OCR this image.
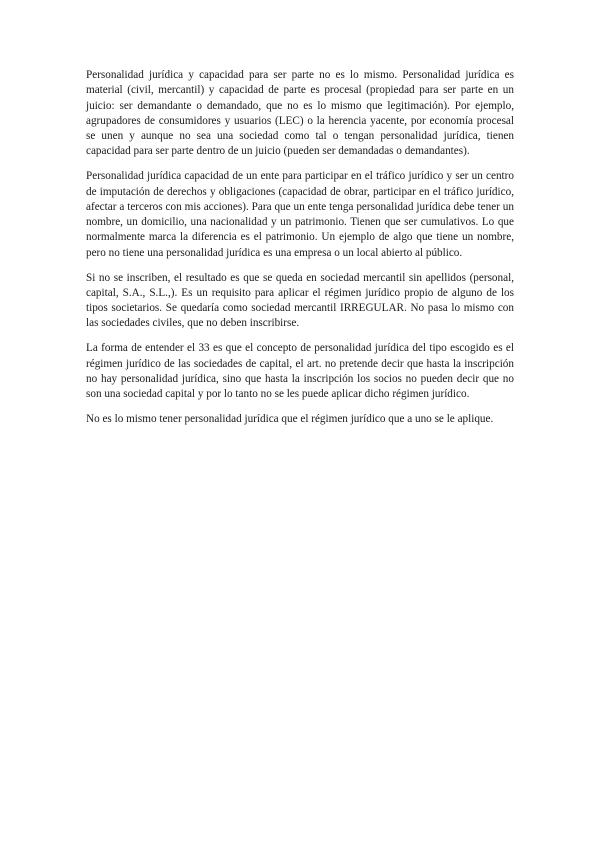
Personalidad jurídica y capacidad para ser parte no es lo mismo. Personalidad jurídica es material (civil, mercantil) y capacidad de parte es procesal (propiedad para ser parte en un juicio: ser demandante o demandado, que no es lo mismo que legitimación). Por ejemplo, agrupadores de consumidores y usuarios (LEC) o la herencia yacente, por economía procesal se unen y aunque no sea una sociedad como tal o tengan personalidad jurídica, tienen capacidad para ser parte dentro de un juicio (pueden ser demandadas o demandantes).

Personalidad jurídica capacidad de un ente para participar en el tráfico jurídico y ser un centro de imputación de derechos y obligaciones (capacidad de obrar, participar en el tráfico jurídico, afectar a terceros con mis acciones). Para que un ente tenga personalidad jurídica debe tener un nombre, un domicilio, una nacionalidad y un patrimonio. Tienen que ser cumulativos. Lo que normalmente marca la diferencia es el patrimonio. Un ejemplo de algo que tiene un nombre, pero no tiene una personalidad jurídica es una empresa o un local abierto al público.

Si no se inscriben, el resultado es que se queda en sociedad mercantil sin apellidos (personal, capital, S.A., S.L.,). Es un requisito para aplicar el régimen jurídico propio de alguno de los tipos societarios. Se quedaría como sociedad mercantil IRREGULAR. No pasa lo mismo con las sociedades civiles, que no deben inscribirse.

La forma de entender el 33 es que el concepto de personalidad jurídica del tipo escogido es el régimen jurídico de las sociedades de capital, el art. no pretende decir que hasta la inscripción no hay personalidad jurídica, sino que hasta la inscripción los socios no pueden decir que no son una sociedad capital y por lo tanto no se les puede aplicar dicho régimen jurídico.

No es lo mismo tener personalidad jurídica que el régimen jurídico que a uno se le aplique.
